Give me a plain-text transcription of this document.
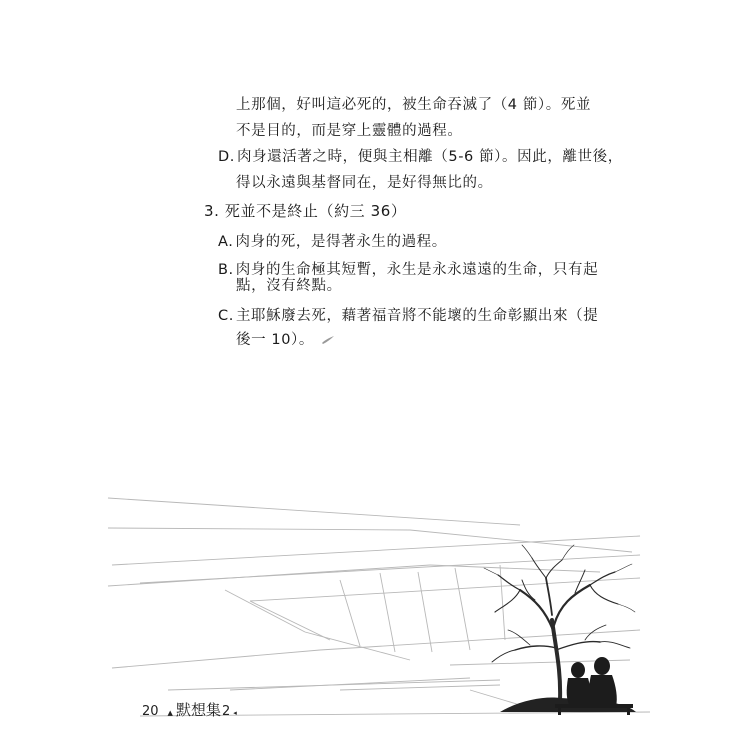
上那個，好叫這必死的，被生命吞滅了（4 節）。死並
不是目的，而是穿上靈體的過程。
D. 肉身還活著之時，便與主相離（5-6 節）。因此，離世後，
得以永遠與基督同在，是好得無比的。
3. 死並不是終止（約三 36）
A. 肉身的死，是得著永生的過程。
B. 肉身的生命極其短暫，永生是永永遠遠的生命，只有起
點，沒有終點。
C. 主耶穌廢去死，藉著福音將不能壞的生命彰顯出來（提
後一 10）。
20 ▲ 默想集2 ◂
